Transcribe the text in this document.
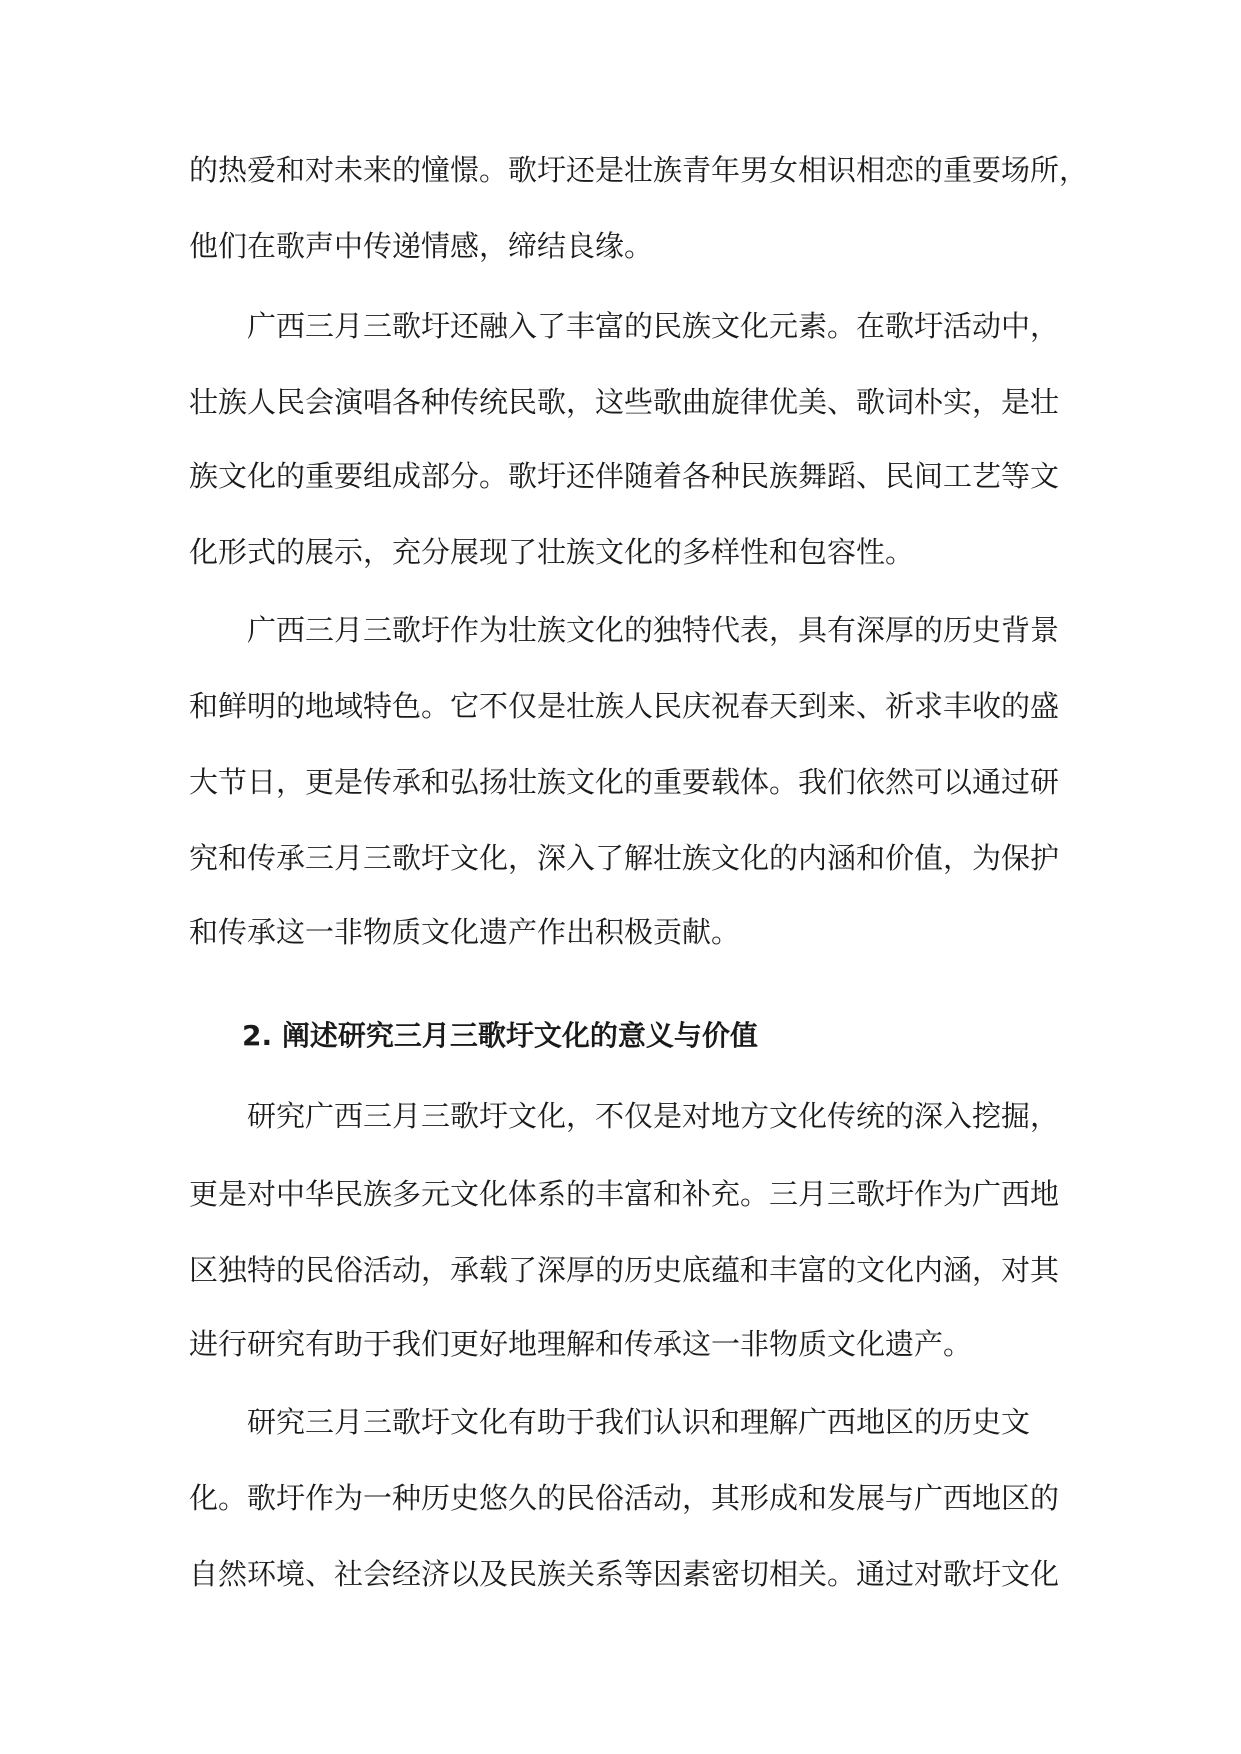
的热爱和对未来的憧憬。歌圩还是壮族青年男女相识相恋的重要场所，
他们在歌声中传递情感，缔结良缘。
广西三月三歌圩还融入了丰富的民族文化元素。在歌圩活动中，
壮族人民会演唱各种传统民歌，这些歌曲旋律优美、歌词朴实，是壮
族文化的重要组成部分。歌圩还伴随着各种民族舞蹈、民间工艺等文
化形式的展示，充分展现了壮族文化的多样性和包容性。
广西三月三歌圩作为壮族文化的独特代表，具有深厚的历史背景
和鲜明的地域特色。它不仅是壮族人民庆祝春天到来、祈求丰收的盛
大节日，更是传承和弘扬壮族文化的重要载体。我们依然可以通过研
究和传承三月三歌圩文化，深入了解壮族文化的内涵和价值，为保护
和传承这一非物质文化遗产作出积极贡献。
2. 阐述研究三月三歌圩文化的意义与价值
研究广西三月三歌圩文化，不仅是对地方文化传统的深入挖掘，
更是对中华民族多元文化体系的丰富和补充。三月三歌圩作为广西地
区独特的民俗活动，承载了深厚的历史底蕴和丰富的文化内涵，对其
进行研究有助于我们更好地理解和传承这一非物质文化遗产。
研究三月三歌圩文化有助于我们认识和理解广西地区的历史文
化。歌圩作为一种历史悠久的民俗活动，其形成和发展与广西地区的
自然环境、社会经济以及民族关系等因素密切相关。通过对歌圩文化
